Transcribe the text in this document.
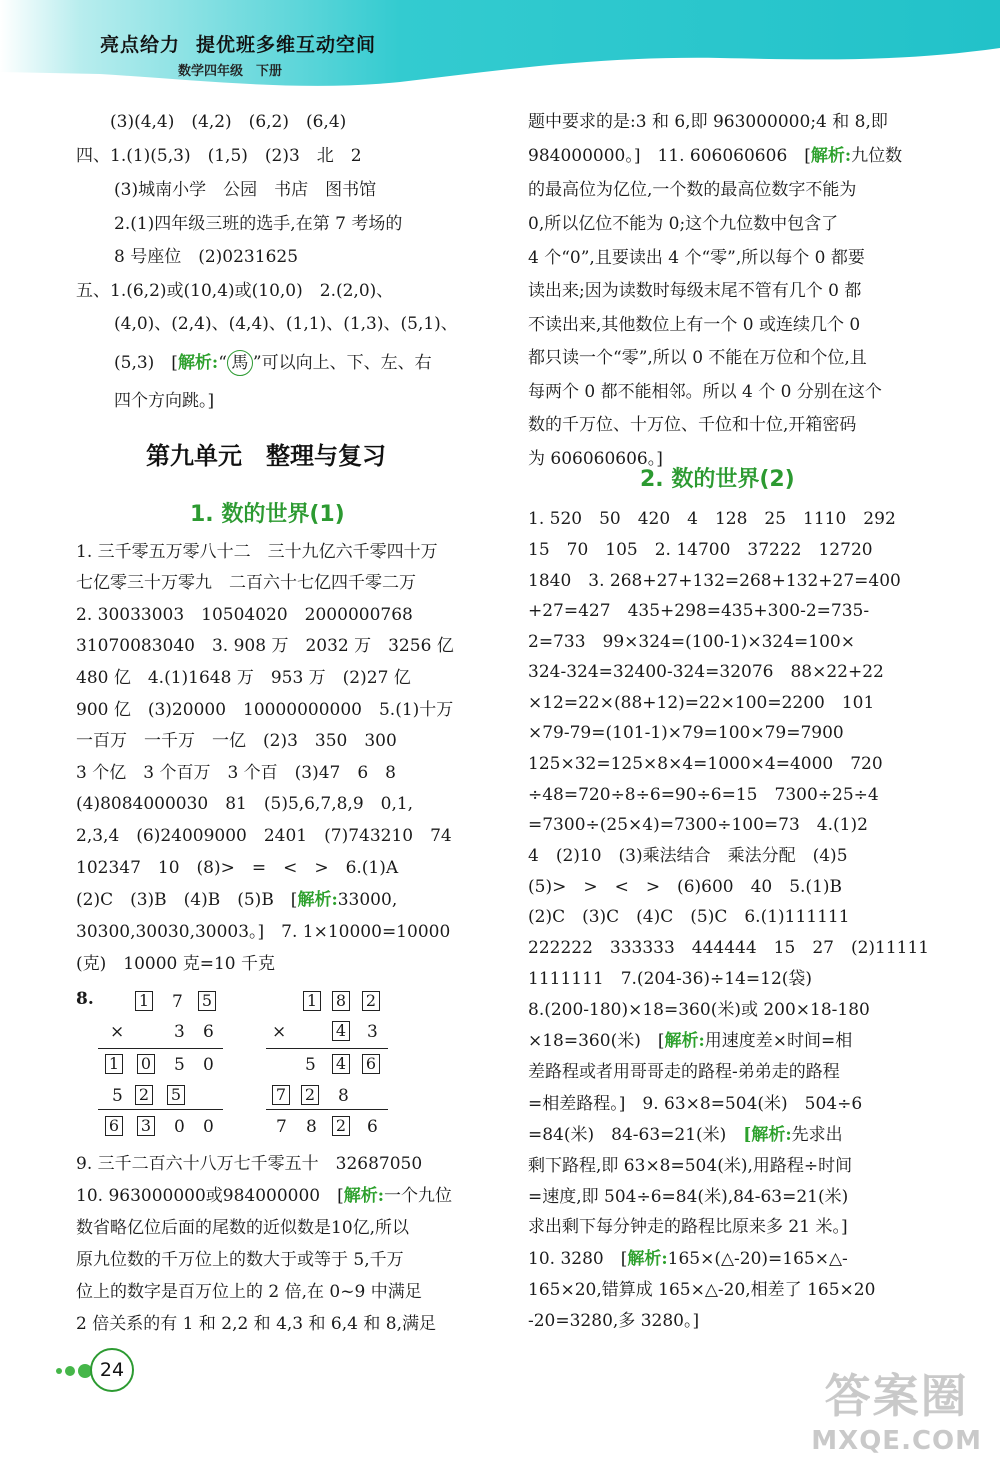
亮点给力 提优班多维互动空间
数学四年级　下册
(3)(4,4)　(4,2)　(6,2)　(6,4)
四、1.(1)(5,3)　(1,5)　(2)3　北　2
(3)城南小学　公园　书店　图书馆
2.(1)四年级三班的选手,在第 7 考场的
8 号座位　(2)0231625
五、1.(6,2)或(10,4)或(10,0)　2.(2,0)、
(4,0)、(2,4)、(4,4)、(1,1)、(1,3)、(5,1)、
(5,3)　[解析:“ 馬 ”可以向上、下、左、右
四个方向跳。]
第九单元　整理与复习
1. 数的世界(1)
1. 三千零五万零八十二　三十九亿六千零四十万
七亿零三十万零九　二百六十七亿四千零二万
2. 30033003　10504020　2000000768
31070083040　3. 908 万　2032 万　3256 亿
480 亿　4.(1)1648 万　953 万　(2)27 亿
900 亿　(3)20000　10000000000　5.(1)十万
一百万　一千万　一亿　(2)3　350　300
3 个亿　3 个百万　3 个百　(3)47　6　8
(4)8084000030　81　(5)5,6,7,8,9　0,1,
2,3,4　(6)24009000　2401　(7)743210　74
102347　10　(8)>　=　<　>　6.(1)A
(2)C　(3)B　(4)B　(5)B　[解析:33000,
30300,30030,30003。]　7. 1×10000=10000
(克)　10000 克=10 千克
8.	1 7 5
×	3 6
1 0 5 0
5 2 5
6 3 0 0
1 8 2
×	4 3
5 4 6
7 2 8
7 8 2 6
9. 三千二百六十八万七千零五十　32687050
10. 963000000或984000000　[解析:一个九位
数省略亿位后面的尾数的近似数是10亿,所以
原九位数的千万位上的数大于或等于 5,千万
位上的数字是百万位上的 2 倍,在 0~9 中满足
2 倍关系的有 1 和 2,2 和 4,3 和 6,4 和 8,满足
题中要求的是:3 和 6,即 963000000;4 和 8,即
984000000。]　11. 606060606　[解析:九位数
的最高位为亿位,一个数的最高位数字不能为
0,所以亿位不能为 0;这个九位数中包含了
4 个“0”,且要读出 4 个“零”,所以每个 0 都要
读出来;因为读数时每级末尾不管有几个 0 都
不读出来,其他数位上有一个 0 或连续几个 0
都只读一个“零”,所以 0 不能在万位和个位,且
每两个 0 都不能相邻。所以 4 个 0 分别在这个
数的千万位、十万位、千位和十位,开箱密码
为 606060606。]
2. 数的世界(2)
1. 520　50　420　4　128　25　1110　292
15　70　105　2. 14700　37222　12720
1840　3. 268+27+132=268+132+27=400
+27=427　435+298=435+300-2=735-
2=733　99×324=(100-1)×324=100×
324-324=32400-324=32076　88×22+22
×12=22×(88+12)=22×100=2200　101
×79-79=(101-1)×79=100×79=7900
125×32=125×8×4=1000×4=4000　720
÷48=720÷8÷6=90÷6=15　7300÷25÷4
=7300÷(25×4)=7300÷100=73　4.(1)2
4　(2)10　(3)乘法结合　乘法分配　(4)5
(5)>　>　<　>　(6)600　40　5.(1)B
(2)C　(3)C　(4)C　(5)C　6.(1)111111
222222　333333　444444　15　27　(2)11111
1111111　7.(204-36)÷14=12(袋)
8.(200-180)×18=360(米)或 200×18-180
×18=360(米)　[解析:用速度差×时间=相
差路程或者用哥哥走的路程-弟弟走的路程
=相差路程。]　9. 63×8=504(米)　504÷6
=84(米)　84-63=21(米)　 [解析:先求出
剩下路程,即 63×8=504(米),用路程÷时间
=速度,即 504÷6=84(米),84-63=21(米)
求出剩下每分钟走的路程比原来多 21 米。]
10. 3280　[解析:165×(△-20)=165×△-
165×20,错算成 165×△-20,相差了 165×20
-20=3280,多 3280。]
24	答案圈
MXQE.COM
